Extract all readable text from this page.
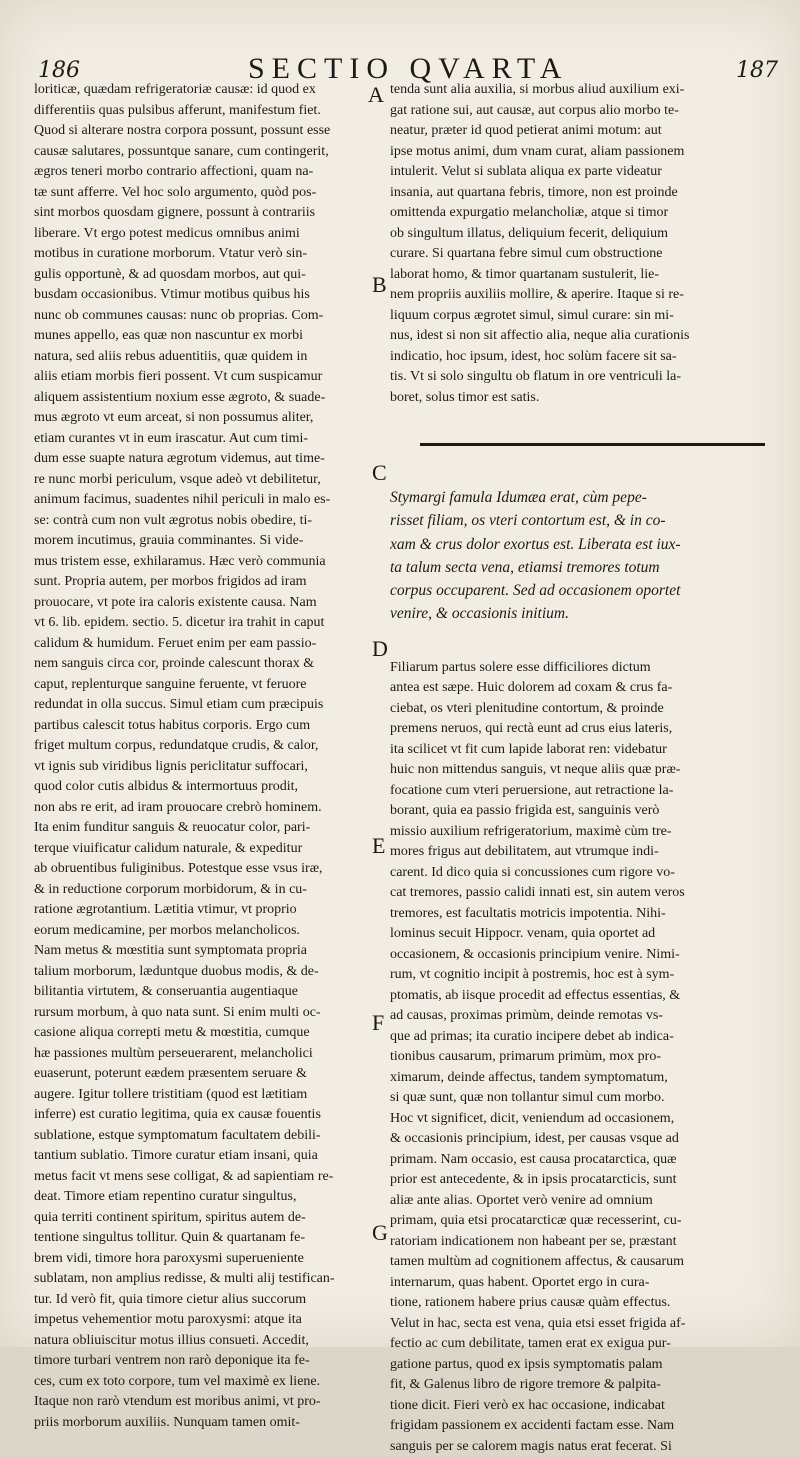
186	SECTIO QVARTA	187
loriticæ, quædam refrigeratoriæ causæ: id quod ex
differentiis quas pulsibus afferunt, manifestum fiet.
Quod si alterare nostra corpora possunt, possunt esse
causæ salutares, possuntque sanare, cum contingerit,
ægros teneri morbo contrario affectioni, quam na-
tæ sunt afferre. Vel hoc solo argumento, quòd pos-
sint morbos quosdam gignere, possunt à contrariis
liberare. Vt ergo potest medicus omnibus animi
motibus in curatione morborum. Vtatur verò sin-
gulis opportunè, & ad quosdam morbos, aut qui-
busdam occasionibus. Vtimur motibus quibus his
nunc ob communes causas: nunc ob proprias. Com-
munes appello, eas quæ non nascuntur ex morbi
natura, sed aliis rebus aduentitiis, quæ quidem in
aliis etiam morbis fieri possent. Vt cum suspicamur
aliquem assistentium noxium esse ægroto, & suade-
mus ægroto vt eum arceat, si non possumus aliter,
etiam curantes vt in eum irascatur. Aut cum timi-
dum esse suapte natura ægrotum videmus, aut time-
re nunc morbi periculum, vsque adeò vt debilitetur,
animum facimus, suadentes nihil periculi in malo es-
se: contrà cum non vult ægrotus nobis obedire, ti-
morem incutimus, grauia comminantes. Si vide-
mus tristem esse, exhilaramus. Hæc verò communia
sunt. Propria autem, per morbos frigidos ad iram
prouocare, vt pote ira caloris existente causa. Nam
vt 6. lib. epidem. sectio. 5. dicetur ira trahit in caput
calidum & humidum. Feruet enim per eam passio-
nem sanguis circa cor, proinde calescunt thorax &
caput, replenturque sanguine feruente, vt feruore
redundat in olla succus. Simul etiam cum præcipuis
partibus calescit totus habitus corporis. Ergo cum
friget multum corpus, redundatque crudis, & calor,
vt ignis sub viridibus lignis periclitatur suffocari,
quod color cutis albidus & intermortuus prodit,
non abs re erit, ad iram prouocare crebrò hominem.
Ita enim funditur sanguis & reuocatur color, pari-
terque viuificatur calidum naturale, & expeditur
ab obruentibus fuliginibus. Potestque esse vsus iræ,
& in reductione corporum morbidorum, & in cu-
ratione ægrotantium. Lætitia vtimur, vt proprio
eorum medicamine, per morbos melancholicos.
Nam metus & mœstitia sunt symptomata propria
talium morborum, læduntque duobus modis, & de-
bilitantia virtutem, & conseruantia augentiaque
rursum morbum, à quo nata sunt. Si enim multi oc-
casione aliqua correpti metu & mœstitia, cumque
hæ passiones multùm perseuerarent, melancholici
euaserunt, poterunt eædem præsentem seruare &
augere. Igitur tollere tristitiam (quod est lætitiam
inferre) est curatio legitima, quia ex causæ fouentis
sublatione, estque symptomatum facultatem debili-
tantium sublatio. Timore curatur etiam insani, quia
metus facit vt mens sese colligat, & ad sapientiam re-
deat. Timore etiam repentino curatur singultus,
quia territi continent spiritum, spiritus autem de-
tentione singultus tollitur. Quin & quartanam fe-
brem vidi, timore hora paroxysmi superueniente
sublatam, non amplius redisse, & multi alij testifican-
tur. Id verò fit, quia timore cietur alius succorum
impetus vehementior motu paroxysmi: atque ita
natura obliuiscitur motus illius consueti. Accedit,
timore turbari ventrem non rarò deponique ita fe-
ces, cum ex toto corpore, tum vel maximè ex liene.
Itaque non rarò vtendum est moribus animi, vt pro-
priis morborum auxiliis. Nunquam tamen omit-
tenda sunt alia auxilia, si morbus aliud auxilium exi-
gat ratione sui, aut causæ, aut corpus alio morbo te-
neatur, præter id quod petierat animi motum: aut
ipse motus animi, dum vnam curat, aliam passionem
intulerit. Velut si sublata aliqua ex parte videatur
insania, aut quartana febris, timore, non est proinde
omittenda expurgatio melancholiæ, atque si timor
ob singultum illatus, deliquium fecerit, deliquium
curare. Si quartana febre simul cum obstructione
laborat homo, & timor quartanam sustulerit, lie-
nem propriis auxiliis mollire, & aperire. Itaque si re-
liquum corpus ægrotet simul, simul curare: sin mi-
nus, idest si non sit affectio alia, neque alia curationis
indicatio, hoc ipsum, idest, hoc solùm facere sit sa-
tis. Vt si solo singultu ob flatum in ore ventriculi la-
boret, solus timor est satis.
Stymargi famula Idumæa erat, cùm pepe-
risset filiam, os vteri contortum est, & in co-
xam & crus dolor exortus est. Liberata est iux-
ta talum secta vena, etiamsi tremores totum
corpus occuparent. Sed ad occasionem oportet
venire, & occasionis initium.
Filiarum partus solere esse difficiliores dictum
antea est sæpe. Huic dolorem ad coxam & crus fa-
ciebat, os vteri plenitudine contortum, & proinde
premens neruos, qui rectà eunt ad crus eius lateris,
ita scilicet vt fit cum lapide laborat ren: videbatur
huic non mittendus sanguis, vt neque aliis quæ præ-
focatione cum vteri peruersione, aut retractione la-
borant, quia ea passio frigida est, sanguinis verò
missio auxilium refrigeratorium, maximè cùm tre-
mores frigus aut debilitatem, aut vtrumque indi-
carent. Id dico quia si concussiones cum rigore vo-
cat tremores, passio calidi innati est, sin autem veros
tremores, est facultatis motricis impotentia. Nihi-
lominus secuit Hippocr. venam, quia oportet ad
occasionem, & occasionis principium venire. Nimi-
rum, vt cognitio incipit à postremis, hoc est à sym-
ptomatis, ab iisque procedit ad effectus essentias, &
ad causas, proximas primùm, deinde remotas vs-
que ad primas; ita curatio incipere debet ab indica-
tionibus causarum, primarum primùm, mox pro-
ximarum, deinde affectus, tandem symptomatum,
si quæ sunt, quæ non tollantur simul cum morbo.
Hoc vt significet, dicit, veniendum ad occasionem,
& occasionis principium, idest, per causas vsque ad
primam. Nam occasio, est causa procatarctica, quæ
prior est antecedente, & in ipsis procatarcticis, sunt
aliæ ante alias. Oportet verò venire ad omnium
primam, quia etsi procatarcticæ quæ recesserint, cu-
ratoriam indicationem non habeant per se, præstant
tamen multùm ad cognitionem affectus, & causarum
internarum, quas habent. Oportet ergo in cura-
tione, rationem habere prius causæ quàm effectus.
Velut in hac, secta est vena, quia etsi esset frigida af-
fectio ac cum debilitate, tamen erat ex exigua pur-
gatione partus, quod ex ipsis symptomatis palam
fit, & Galenus libro de rigore tremore & palpita-
tione dicit. Fieri verò ex hac occasione, indicabat
frigidam passionem ex accidenti factam esse. Nam
sanguis per se calorem magis natus erat fecerat. Si
A
B
C
D
E
F
G
